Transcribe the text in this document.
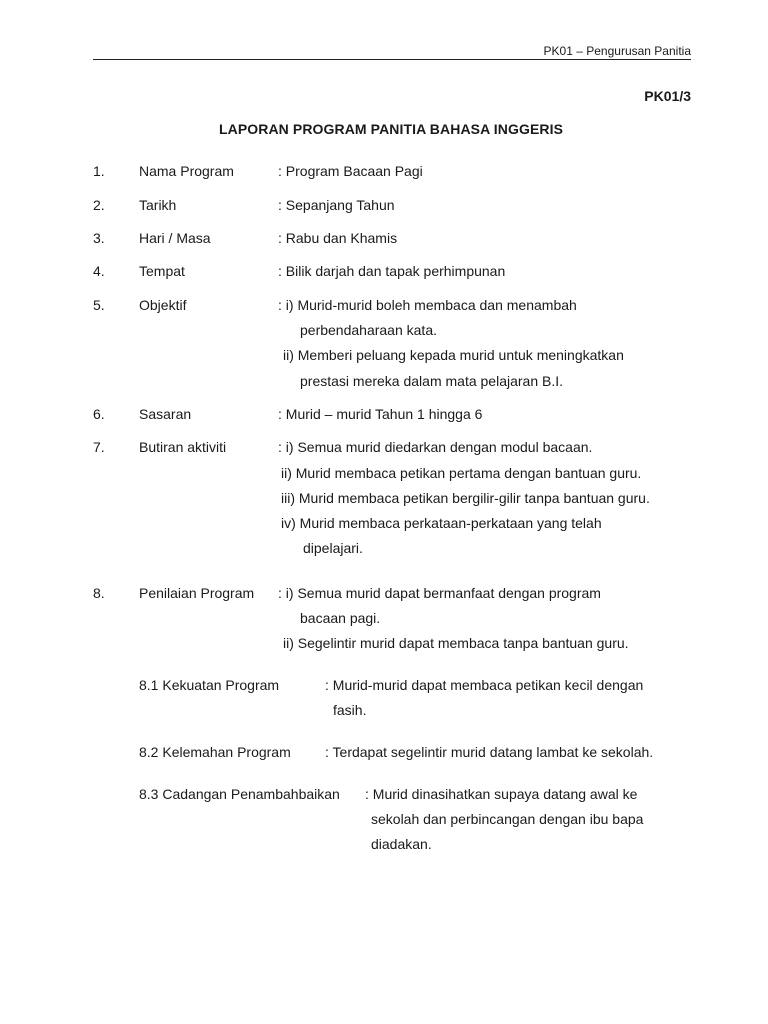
PK01 – Pengurusan Panitia
PK01/3
LAPORAN PROGRAM PANITIA BAHASA INGGERIS
1. Nama Program	: Program Bacaan Pagi
2. Tarikh	: Sepanjang Tahun
3. Hari / Masa	: Rabu dan Khamis
4. Tempat	: Bilik darjah dan tapak perhimpunan
5. Objektif	: i) Murid-murid boleh membaca dan menambah
perbendaharaan kata.
ii) Memberi peluang kepada murid untuk meningkatkan
prestasi mereka dalam mata pelajaran B.I.
6. Sasaran	: Murid – murid Tahun 1 hingga 6
7. Butiran aktiviti	: i) Semua murid diedarkan dengan modul bacaan.
ii) Murid membaca petikan pertama dengan bantuan guru.
iii) Murid membaca petikan bergilir-gilir tanpa bantuan guru.
iv) Murid membaca perkataan-perkataan yang telah
dipelajari.
8. Penilaian Program : i) Semua murid dapat bermanfaat dengan program
bacaan pagi.
ii) Segelintir murid dapat membaca tanpa bantuan guru.
8.1 Kekuatan Program	: Murid-murid dapat membaca petikan kecil dengan
fasih.
8.2 Kelemahan Program : Terdapat segelintir murid datang lambat ke sekolah.
8.3 Cadangan Penambahbaikan : Murid dinasihatkan supaya datang awal ke
sekolah dan perbincangan dengan ibu bapa
diadakan.
